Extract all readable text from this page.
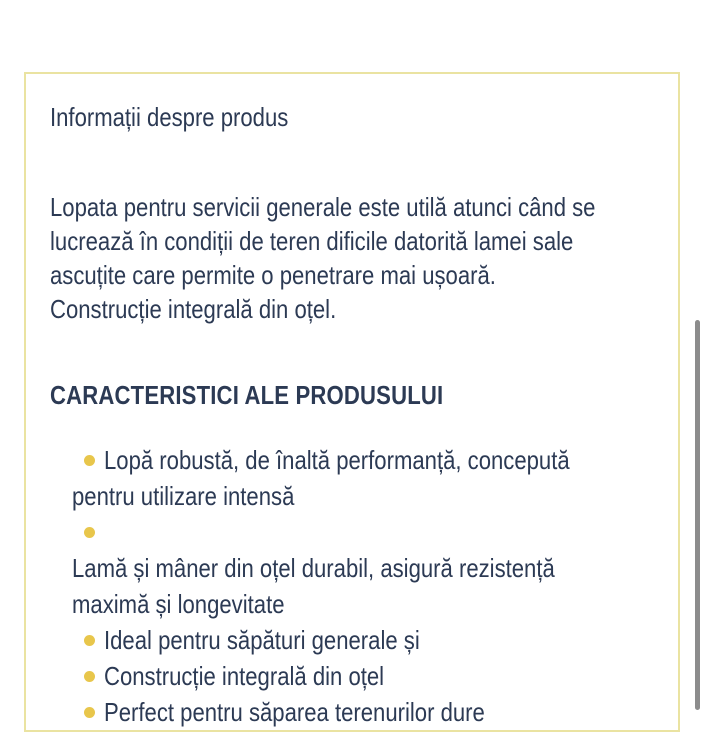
Informații despre produs
Lopata pentru servicii generale este utilă atunci când se
lucrează în condiții de teren dificile datorită lamei sale
ascuțite care permite o penetrare mai ușoară.
Construcție integrală din oțel.
CARACTERISTICI ALE PRODUSULUI
Lopă robustă, de înaltă performanță, concepută
pentru utilizare intensă
Lamă și mâner din oțel durabil, asigură rezistență
maximă și longevitate
Ideal pentru săpături generale și
Construcție integrală din oțel
Perfect pentru săparea terenurilor dure
